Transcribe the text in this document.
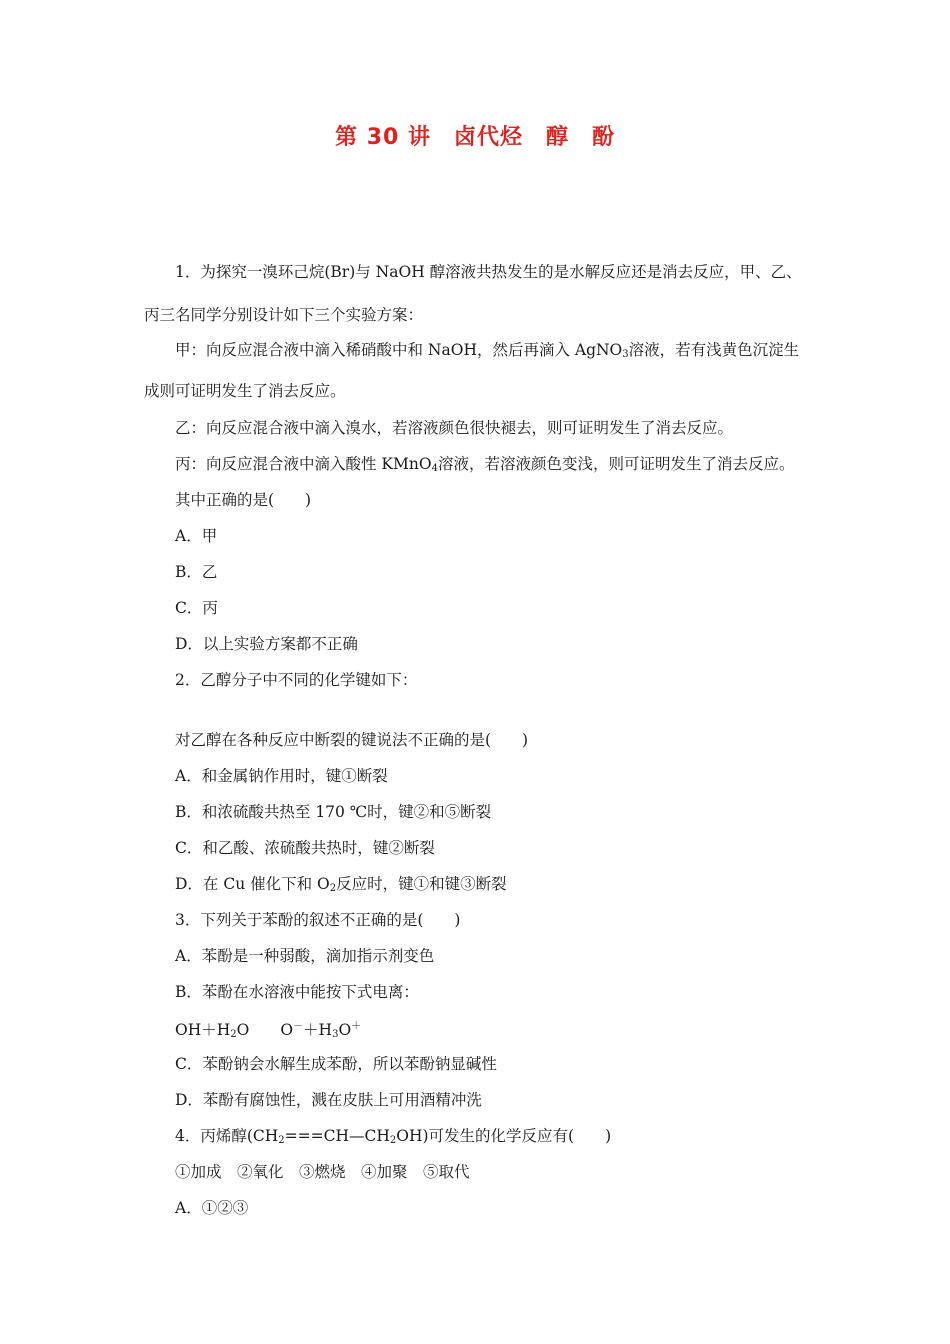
第 30 讲　卤代烃　醇　酚
1．为探究一溴环己烷(Br)与 NaOH 醇溶液共热发生的是水解反应还是消去反应，甲、乙、
丙三名同学分别设计如下三个实验方案：
甲：向反应混合液中滴入稀硝酸中和 NaOH，然后再滴入 AgNO$_3$溶液，若有浅黄色沉淀生
成则可证明发生了消去反应。
乙：向反应混合液中滴入溴水，若溶液颜色很快褪去，则可证明发生了消去反应。
丙：向反应混合液中滴入酸性 KMnO$_4$溶液，若溶液颜色变浅，则可证明发生了消去反应。
其中正确的是(　　)
A．甲
B．乙
C．丙
D．以上实验方案都不正确
2．乙醇分子中不同的化学键如下：
对乙醇在各种反应中断裂的键说法不正确的是(　　)
A．和金属钠作用时，键①断裂
B．和浓硫酸共热至 170 ℃时，键②和⑤断裂
C．和乙酸、浓硫酸共热时，键②断裂
D．在 Cu 催化下和 $O_2$反应时，键①和键③断裂
3．下列关于苯酚的叙述不正确的是(　　)
A．苯酚是一种弱酸，滴加指示剂变色
B．苯酚在水溶液中能按下式电离：
$OH+H_2O$　　$O^-+H_3O^+$
C．苯酚钠会水解生成苯酚，所以苯酚钠显碱性
D．苯酚有腐蚀性，溅在皮肤上可用酒精冲洗
4．丙烯醇$(CH_2===CH—CH_2OH)$可发生的化学反应有(　　)
①加成　②氧化　③燃烧　④加聚　⑤取代
A．①②③
